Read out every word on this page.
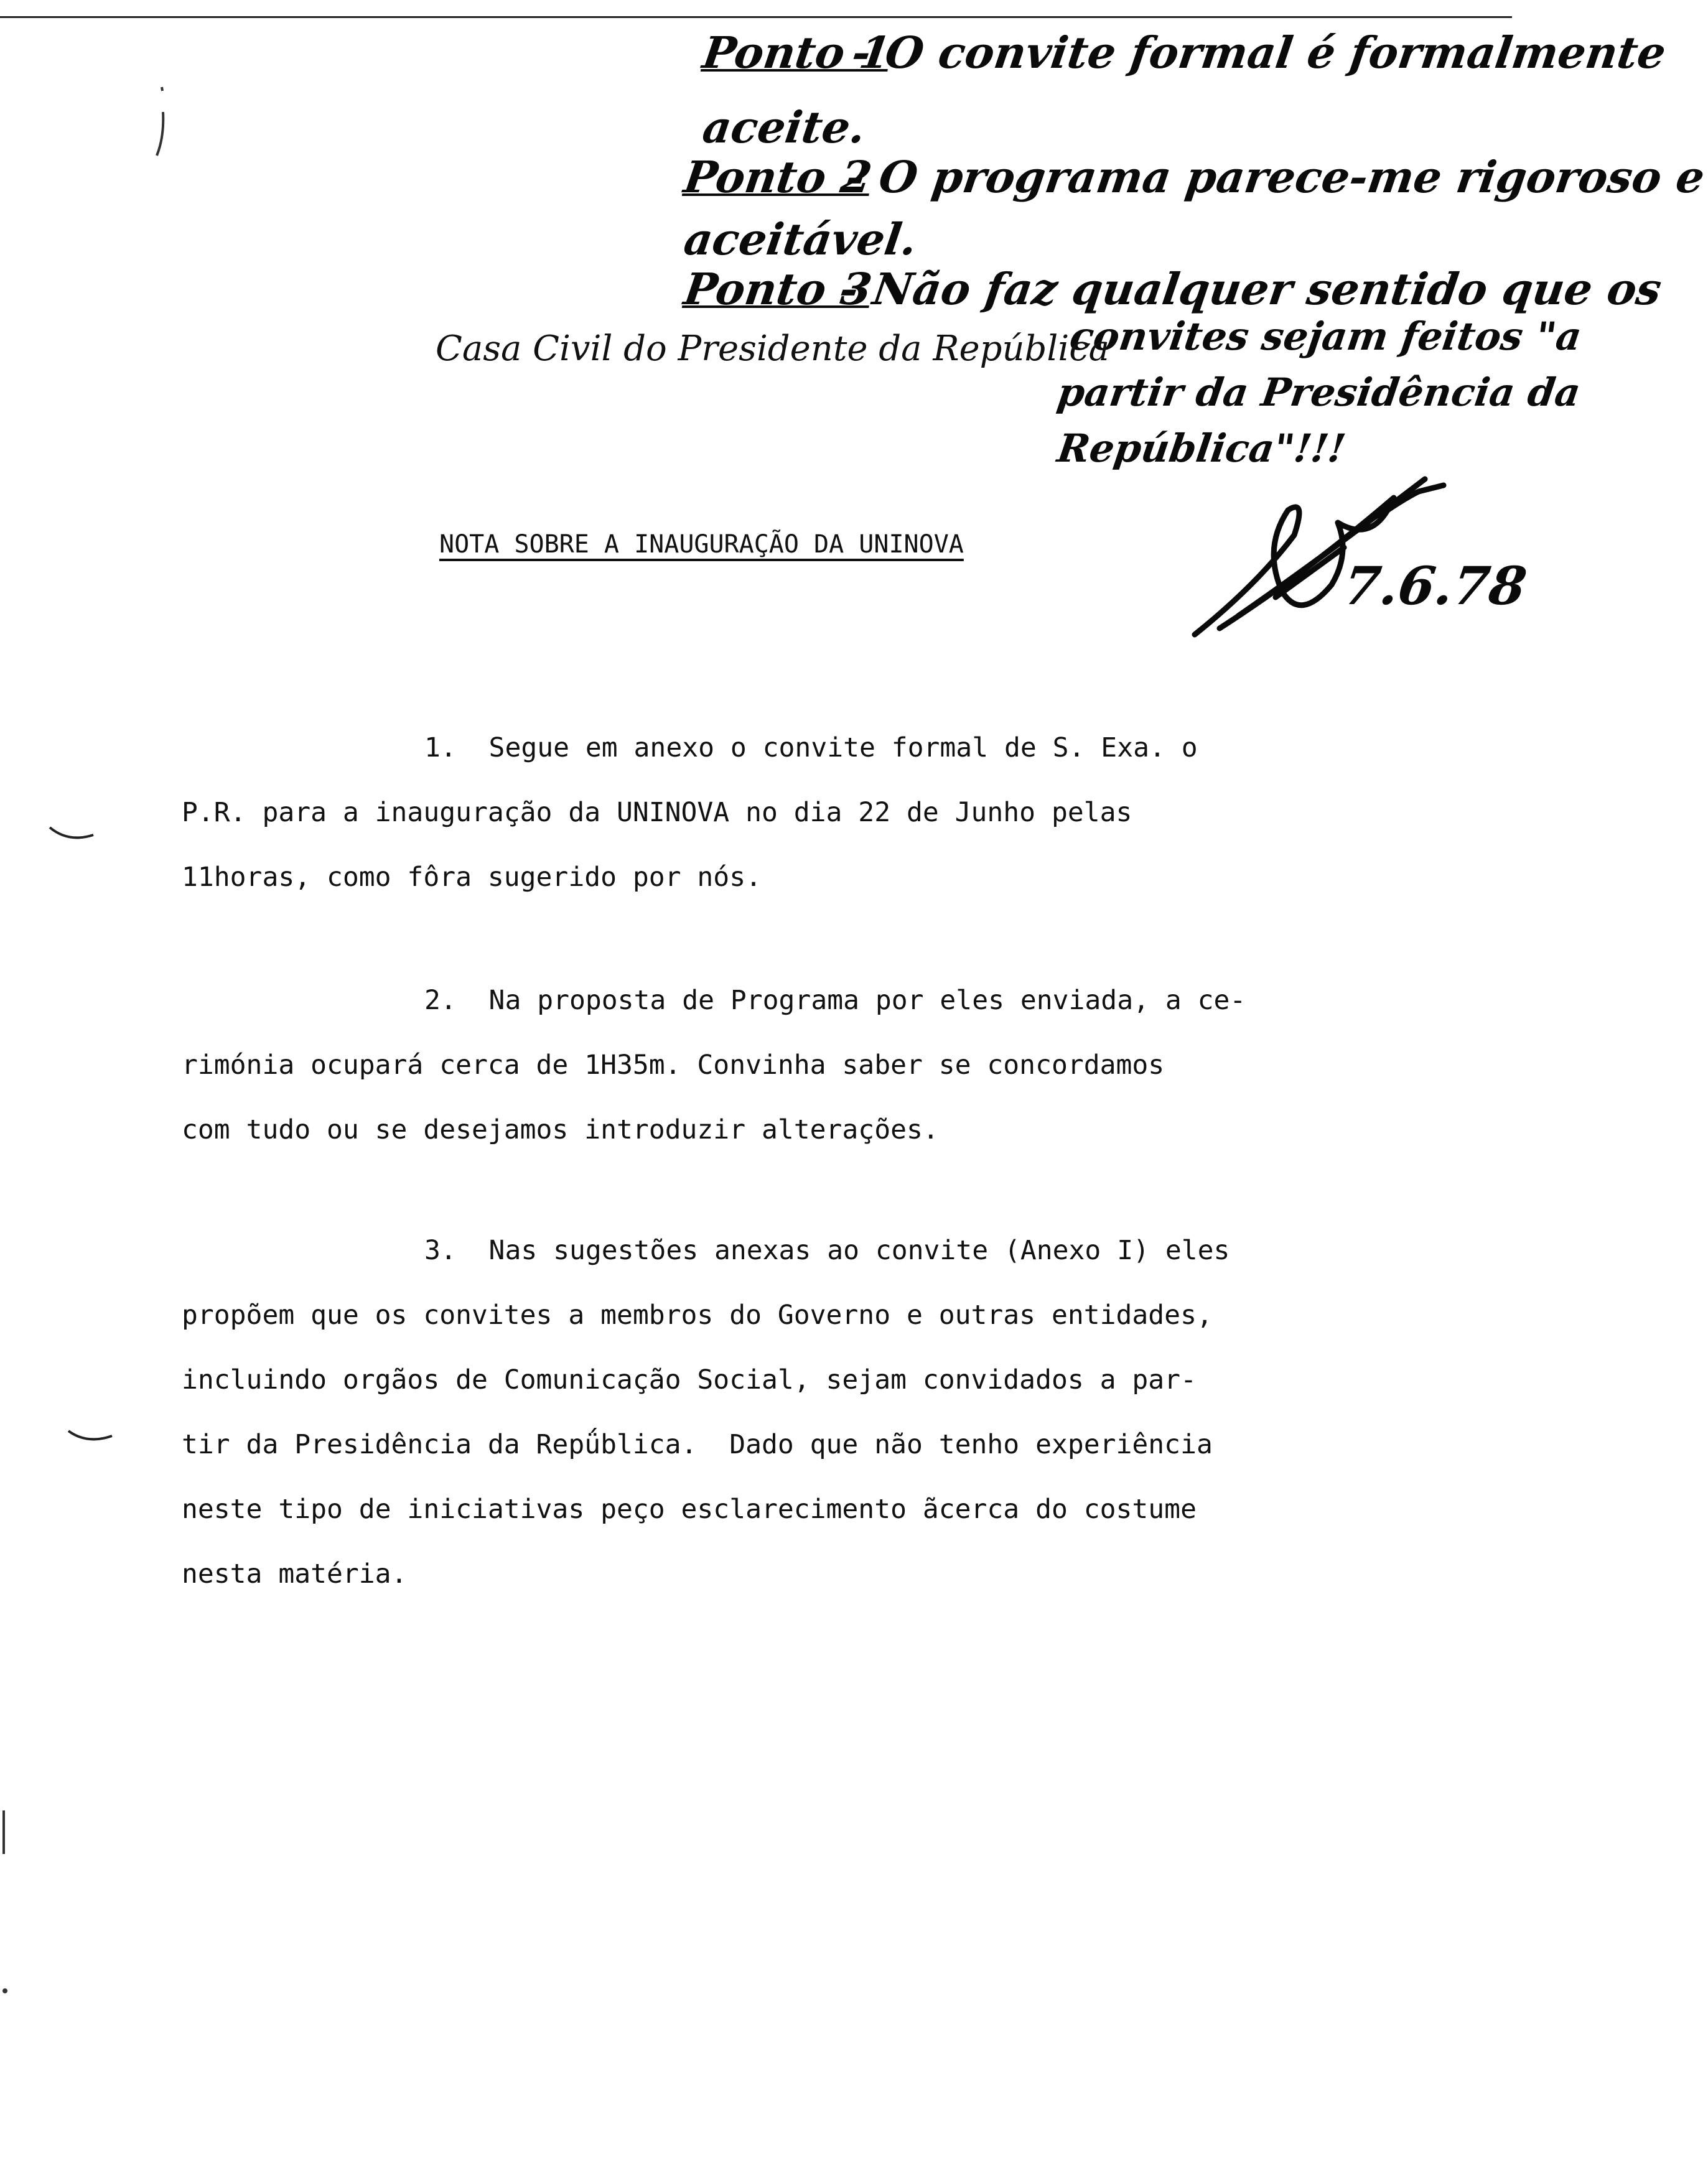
Ponto 1
- O convite formal é formalmente
aceite.
Ponto 2
- O programa parece-me rigoroso e
aceitável.
Ponto 3
- Não faz qualquer sentido que os
convites sejam feitos "a
partir da Presidência da
República"!!!
Casa Civil do Presidente da República
7.6.78
NOTA SOBRE A INAUGURAÇÃO DA UNINOVA
1.  Segue em anexo o convite formal de S. Exa. o
P.R. para a inauguração da UNINOVA no dia 22 de Junho pelas
11horas, como fôra sugerido por nós.
2.  Na proposta de Programa por eles enviada, a ce-
rimónia ocupará cerca de 1H35m. Convinha saber se concordamos
com tudo ou se desejamos introduzir alterações.
3.  Nas sugestões anexas ao convite (Anexo I) eles
propõem que os convites a membros do Governo e outras entidades,
incluindo orgãos de Comunicação Social, sejam convidados a par-
tir da Presidência da Repǘblica.  Dado que não tenho experiência
neste tipo de iniciativas peço esclarecimento ãcerca do costume
nesta matéria.
